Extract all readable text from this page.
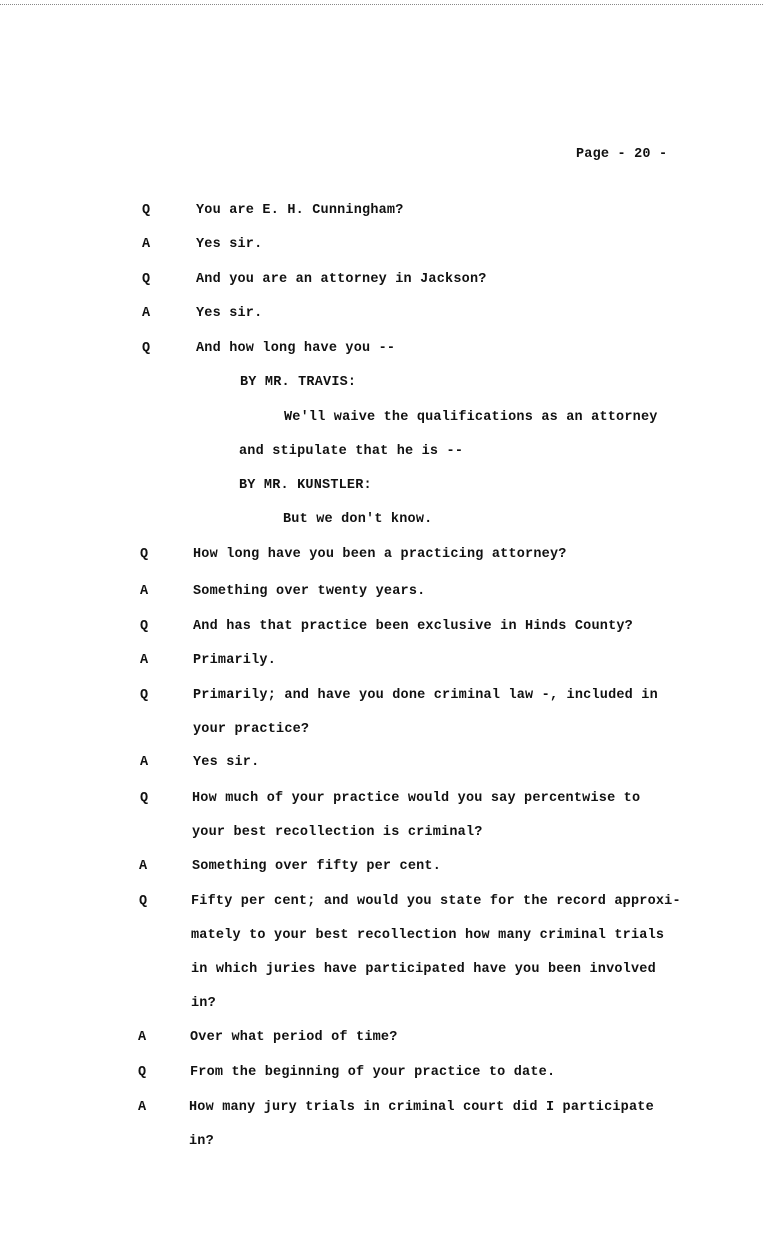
Page - 20 -
Q	You are E. H. Cunningham?
A	Yes sir.
Q	And you are an attorney in Jackson?
A	Yes sir.
Q	And how long have you --
BY MR. TRAVIS:
We'll waive the qualifications as an attorney
and stipulate that he is --
BY MR. KUNSTLER:
But we don't know.
Q	How long have you been a practicing attorney?
A	Something over twenty years.
Q	And has that practice been exclusive in Hinds County?
A	Primarily.
Q	Primarily; and have you done criminal law -, included in
your practice?
A	Yes sir.
Q	How much of your practice would you say percentwise to
your best recollection is criminal?
A	Something over fifty per cent.
Q	Fifty per cent; and would you state for the record approxi-
mately to your best recollection how many criminal trials
in which juries have participated have you been involved
in?
A	Over what period of time?
Q	From the beginning of your practice to date.
A	How many jury trials in criminal court did I participate
in?
